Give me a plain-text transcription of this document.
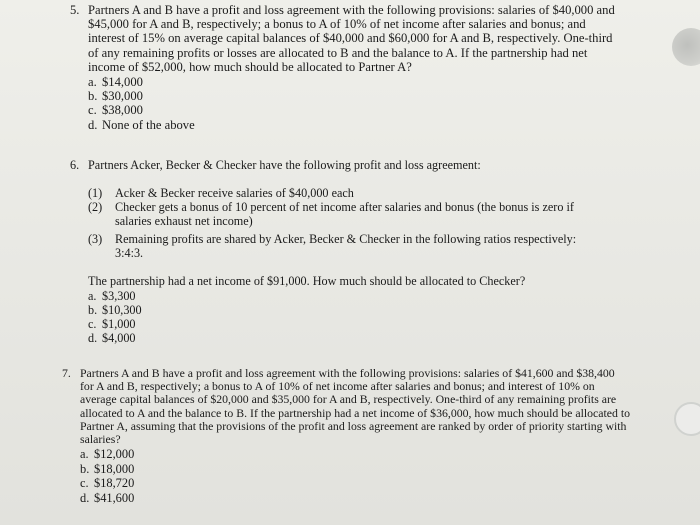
5. Partners A and B have a profit and loss agreement with the following provisions: salaries of $40,000 and

$45,000 for A and B, respectively; a bonus to A of 10% of net income after salaries and bonus; and

interest of 15% on average capital balances of $40,000 and $60,000 for A and B, respectively. One-third

of any remaining profits or losses are allocated to B and the balance to A. If the partnership had net

income of $52,000, how much should be allocated to Partner A?

a. $14,000
b. $30,000
c. $38,000
d. None of the above
6. Partners Acker, Becker & Checker have the following profit and loss agreement:

(1)	Acker & Becker receive salaries of $40,000 each
(2)	Checker gets a bonus of 10 percent of net income after salaries and bonus (the bonus is zero if salaries exhaust net income)
(3)	Remaining profits are shared by Acker, Becker & Checker in the following ratios respectively: 3:4:3.

The partnership had a net income of $91,000. How much should be allocated to Checker?

a. $3,300
b. $10,300
c. $1,000
d. $4,000
7. Partners A and B have a profit and loss agreement with the following provisions: salaries of $41,600 and $38,400

for A and B, respectively; a bonus to A of 10% of net income after salaries and bonus; and interest of 10% on

average capital balances of $20,000 and $35,000 for A and B, respectively. One-third of any remaining profits are

allocated to A and the balance to B. If the partnership had a net income of $36,000, how much should be allocated to

Partner A, assuming that the provisions of the profit and loss agreement are ranked by order of priority starting with

salaries?

a. $12,000
b. $18,000
c. $18,720
d. $41,600
